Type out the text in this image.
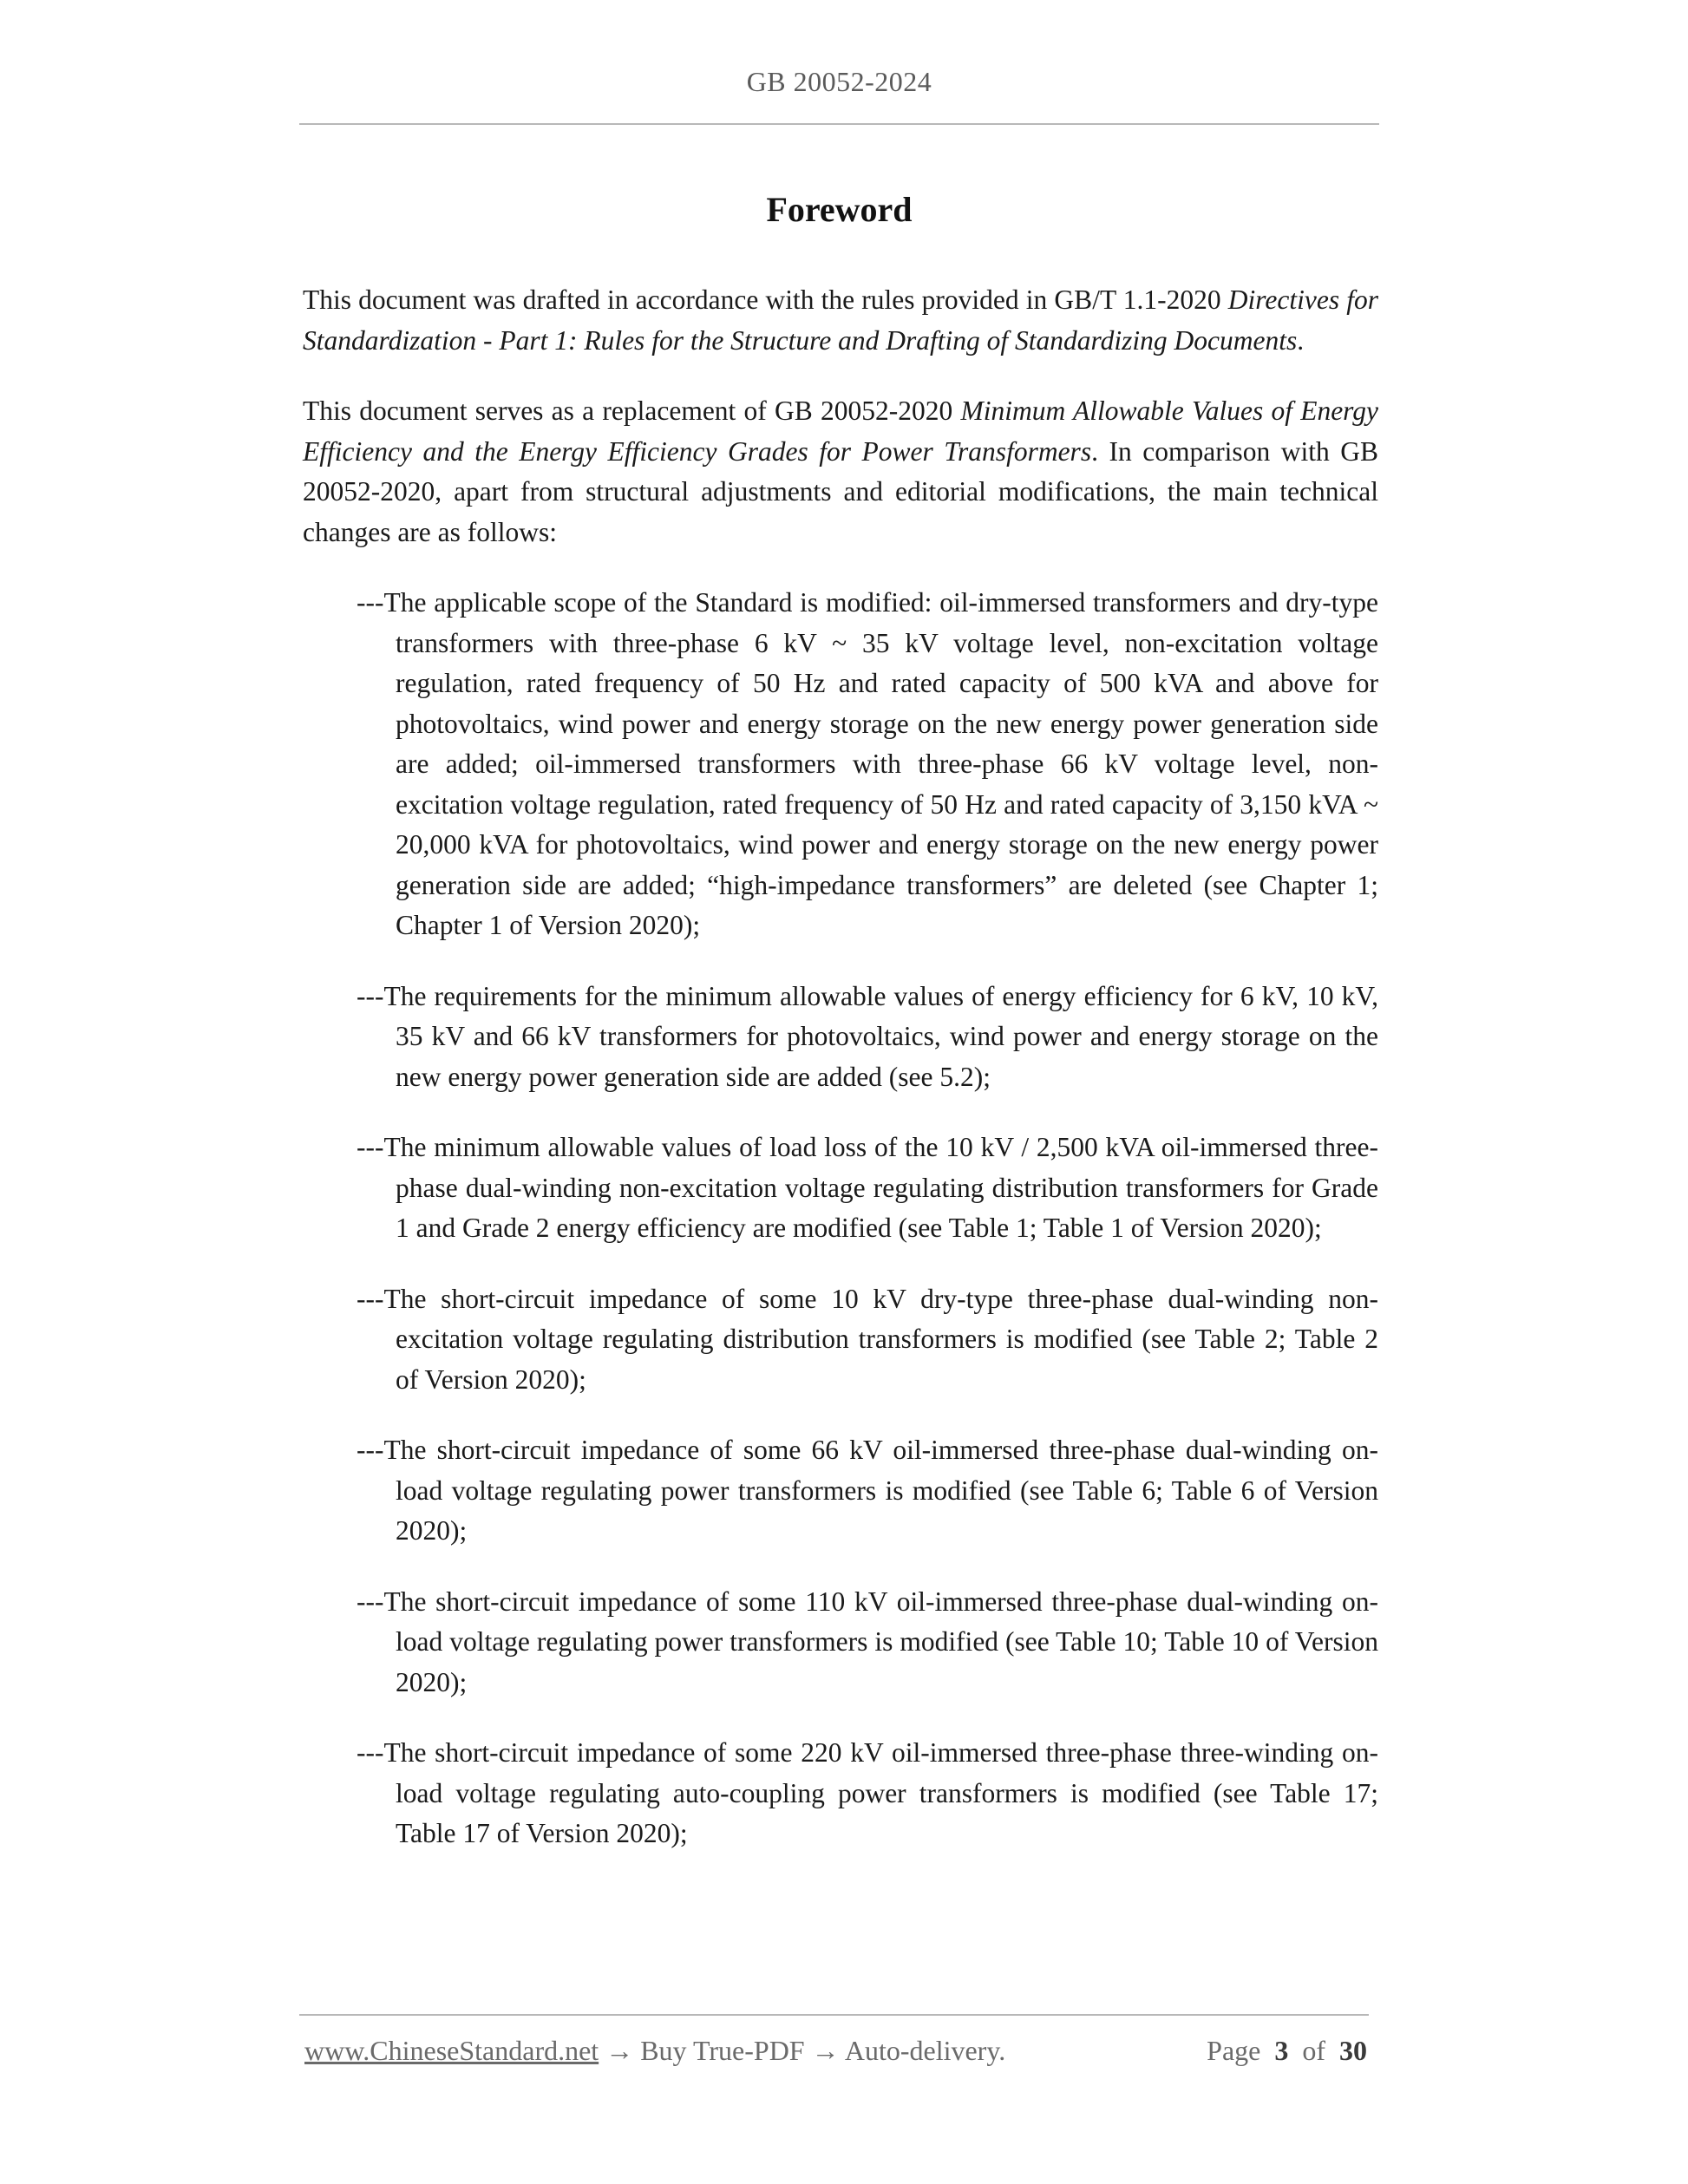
GB 20052-2024
Foreword

This document was drafted in accordance with the rules provided in GB/T 1.1-2020 Directives for Standardization - Part 1: Rules for the Structure and Drafting of Standardizing Documents.

This document serves as a replacement of GB 20052-2020 Minimum Allowable Values of Energy Efficiency and the Energy Efficiency Grades for Power Transformers. In comparison with GB 20052-2020, apart from structural adjustments and editorial modifications, the main technical changes are as follows:

---The applicable scope of the Standard is modified: oil-immersed transformers and dry-type transformers with three-phase 6 kV ~ 35 kV voltage level, non-excitation voltage regulation, rated frequency of 50 Hz and rated capacity of 500 kVA and above for photovoltaics, wind power and energy storage on the new energy power generation side are added; oil-immersed transformers with three-phase 66 kV voltage level, non-excitation voltage regulation, rated frequency of 50 Hz and rated capacity of 3,150 kVA ~ 20,000 kVA for photovoltaics, wind power and energy storage on the new energy power generation side are added; “high-impedance transformers” are deleted (see Chapter 1; Chapter 1 of Version 2020);
---The requirements for the minimum allowable values of energy efficiency for 6 kV, 10 kV, 35 kV and 66 kV transformers for photovoltaics, wind power and energy storage on the new energy power generation side are added (see 5.2);
---The minimum allowable values of load loss of the 10 kV / 2,500 kVA oil-immersed three-phase dual-winding non-excitation voltage regulating distribution transformers for Grade 1 and Grade 2 energy efficiency are modified (see Table 1; Table 1 of Version 2020);
---The short-circuit impedance of some 10 kV dry-type three-phase dual-winding non-excitation voltage regulating distribution transformers is modified (see Table 2; Table 2 of Version 2020);
---The short-circuit impedance of some 66 kV oil-immersed three-phase dual-winding on-load voltage regulating power transformers is modified (see Table 6; Table 6 of Version 2020);
---The short-circuit impedance of some 110 kV oil-immersed three-phase dual-winding on-load voltage regulating power transformers is modified (see Table 10; Table 10 of Version 2020);
---The short-circuit impedance of some 220 kV oil-immersed three-phase three-winding on-load voltage regulating auto-coupling power transformers is modified (see Table 17; Table 17 of Version 2020);
www.ChineseStandard.net → Buy True-PDF → Auto-delivery.	Page 3 of 30
